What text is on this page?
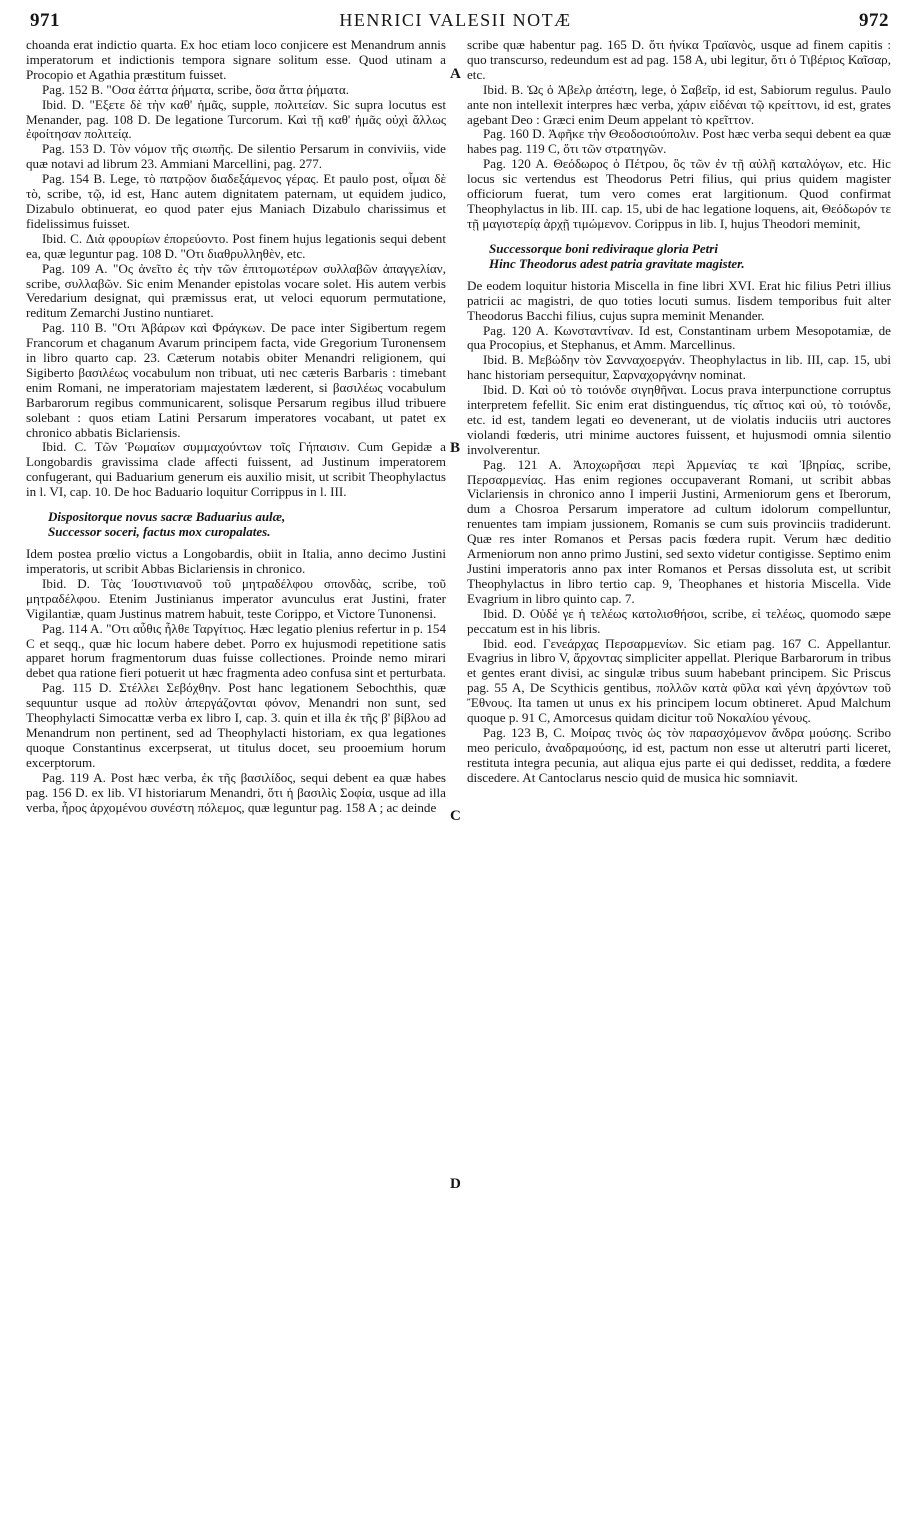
971	HENRICI VALESII NOTÆ	972

choanda erat indictio quarta. Ex hoc etiam loco conjicere est Menandrum annis imperatorum et indictionis tempora signare solitum esse. Quod utinam a Procopio et Agathia præstitum fuisset.

Pag. 152 B. "Οσα ἐάττα ῥήματα, scribe, ὅσα ἄττα ῥήματα.

Ibid. D. "Εξετε δὲ τὴν καθ' ἡμᾶς, supple, πολιτείαν. Sic supra locutus est Menander, pag. 108 D. De legatione Turcorum. Καὶ τῇ καθ' ἡμᾶς οὐχὶ ἄλλως ἐφοίτησαν πολιτείᾳ.

Pag. 153 D. Τὸν νόμον τῆς σιωπῆς. De silentio Persarum in conviviis, vide quæ notavi ad librum 23. Ammiani Marcellini, pag. 277.

Pag. 154 B. Lege, τὸ πατρῷον διαδεξάμενος γέρας. Et paulo post, οἶμαι δὲ τὸ, scribe, τῷ, id est, Hanc autem dignitatem paternam, ut equidem judico, Dizabulo obtinuerat, eo quod pater ejus Maniach Dizabulo charissimus et fidelissimus fuisset.

Ibid. C. Διὰ φρουρίων ἐπορεύοντο. Post finem hujus legationis sequi debent ea, quæ leguntur pag. 108 D. "Οτι διαθρυλληθὲν, etc.

Pag. 109 A. "Ος ἀνεῖτο ἐς τὴν τῶν ἐπιτομωτέρων συλλαβῶν ἀπαγγελίαν, scribe, συλλαβῶν. Sic enim Menander epistolas vocare solet. His autem verbis Veredarium designat, qui præmissus erat, ut veloci equorum permutatione, reditum Zemarchi Justino nuntiaret.

Pag. 110 B. "Οτι Ἀβάρων καὶ Φράγκων. De pace inter Sigibertum regem Francorum et chaganum Avarum principem facta, vide Gregorium Turonensem in libro quarto cap. 23. Cæterum notabis obiter Menandri religionem, qui Sigiberto βασιλέως vocabulum non tribuat, uti nec cæteris Barbaris : timebant enim Romani, ne imperatoriam majestatem læderent, si βασιλέως vocabulum Barbarorum regibus communicarent, solisque Persarum regibus illud tribuere solebant : quos etiam Latini Persarum imperatores vocabant, ut patet ex chronico abbatis Biclariensis.

Ibid. C. Τῶν Ῥωμαίων συμμαχούντων τοῖς Γήπαισιν. Cum Gepidæ a Longobardis gravissima clade affecti fuissent, ad Justinum imperatorem confugerant, qui Baduarium generum eis auxilio misit, ut scribit Theophylactus in l. VI, cap. 10. De hoc Baduario loquitur Corrippus in l. III.

Dispositorque novus sacræ Baduarius aulæ,
Successor soceri, factus mox curopalates.

Idem postea prœlio victus a Longobardis, obiit in Italia, anno decimo Justini imperatoris, ut scribit Abbas Biclariensis in chronico.

Ibid. D. Τὰς Ἰουστινιανοῦ τοῦ μητραδέλφου σπονδὰς, scribe, τοῦ μητραδέλφου. Etenim Justinianus imperator avunculus erat Justini, frater Vigilantiæ, quam Justinus matrem habuit, teste Corippo, et Victore Tunonensi.

Pag. 114 A. "Οτι αὖθις ἦλθε Ταργίτιος. Hæc legatio plenius refertur in p. 154 C et seqq., quæ hic locum habere debet. Porro ex hujusmodi repetitione satis apparet horum fragmentorum duas fuisse collectiones. Proinde nemo mirari debet qua ratione fieri potuerit ut hæc fragmenta adeo confusa sint et perturbata.

Pag. 115 D. Στέλλει Σεβόχθην. Post hanc legationem Sebochthis, quæ sequuntur usque ad πολὺν ἀπεργάζονται φόνον, Menandri non sunt, sed Theophylacti Simocattæ verba ex libro I, cap. 3. quin et illa ἐκ τῆς β' βίβλου ad Menandrum non pertinent, sed ad Theophylacti historiam, ex qua legationes quoque Constantinus excerpserat, ut titulus docet, seu prooemium horum excerptorum.

Pag. 119 A. Post hæc verba, ἐκ τῆς βασιλίδος, sequi debent ea quæ habes pag. 156 D. ex lib. VI historiarum Menandri, ὅτι ἡ βασιλὶς Σοφία, usque ad illa verba, ἦρος ἀρχομένου συνέστη πόλεμος, quæ leguntur pag. 158 A ; ac deinde

scribe quæ habentur pag. 165 D. ὅτι ἡνίκα Τραϊανὸς, usque ad finem capitis : quo transcurso, redeundum est ad pag. 158 A, ubi legitur, ὅτι ὁ Τιβέριος Καῖσαρ, etc.

Ibid. B. Ὡς ὁ Ἀβελρ ἀπέστη, lege, ὁ Σαβεῖρ, id est, Sabiorum regulus. Paulo ante non intellexit interpres hæc verba, χάριν εἰδέναι τῷ κρείττονι, id est, grates agebant Deo : Græci enim Deum appelant τὸ κρεῖττον.

Pag. 160 D. Ἀφῆκε τὴν Θεοδοσιούπολιν. Post hæc verba sequi debent ea quæ habes pag. 119 C, ὅτι τῶν στρατηγῶν.

Pag. 120 A. Θεόδωρος ὁ Πέτρου, ὃς τῶν ἐν τῇ αὐλῇ καταλόγων, etc. Hic locus sic vertendus est Theodorus Petri filius, qui prius quidem magister officiorum fuerat, tum vero comes erat largitionum. Quod confirmat Theophylactus in lib. III. cap. 15, ubi de hac legatione loquens, ait, Θεόδωρόν τε τῇ μαγιστερίᾳ ἀρχῇ τιμώμενον. Corippus in lib. I, hujus Theodori meminit,

Successorque boni rediviraque gloria Petri
Hinc Theodorus adest patria gravitate magister.

De eodem loquitur historia Miscella in fine libri XVI. Erat hic filius Petri illius patricii ac magistri, de quo toties locuti sumus. Iisdem temporibus fuit alter Theodorus Bacchi filius, cujus supra meminit Menander.

Pag. 120 A. Κωνσταντίναν. Id est, Constantinam urbem Mesopotamiæ, de qua Procopius, et Stephanus, et Amm. Marcellinus.

Ibid. B. Μεβώδην τὸν Σανναχοεργάν. Theophylactus in lib. III, cap. 15, ubi hanc historiam persequitur, Σαρναχοργάνην nominat.

Ibid. D. Καὶ οὐ τὸ τοιόνδε σιγηθῆναι. Locus prava interpunctione corruptus interpretem fefellit. Sic enim erat distinguendus, τίς αἴτιος καὶ οὐ, τὸ τοιόνδε, etc. id est, tandem legati eo devenerant, ut de violatis induciis utri auctores violandi fœderis, utri minime auctores fuissent, et hujusmodi omnia silentio involverentur.

Pag. 121 A. Ἀποχωρῆσαι περὶ Ἀρμενίας τε καὶ Ἰβηρίας, scribe, Περσαρμενίας. Has enim regiones occupaverant Romani, ut scribit abbas Viclariensis in chronico anno I imperii Justini, Armeniorum gens et Iberorum, dum a Chosroa Persarum imperatore ad cultum idolorum compelluntur, renuentes tam impiam jussionem, Romanis se cum suis provinciis tradiderunt. Quæ res inter Romanos et Persas pacis fœdera rupit. Verum hæc deditio Armeniorum non anno primo Justini, sed sexto videtur contigisse. Septimo enim Justini imperatoris anno pax inter Romanos et Persas dissoluta est, ut scribit Theophylactus in libro tertio cap. 9, Theophanes et historia Miscella. Vide Evagrium in libro quinto cap. 7.

Ibid. D. Οὐδέ γε ἡ τελέως κατολισθήσοι, scribe, εἰ τελέως, quomodo sæpe peccatum est in his libris.

Ibid. eod. Γενεάρχας Περσαρμενίων. Sic etiam pag. 167 C. Appellantur. Evagrius in libro V, ἄρχοντας simpliciter appellat. Plerique Barbarorum in tribus et gentes erant divisi, ac singulæ tribus suum habebant principem. Sic Priscus pag. 55 A, De Scythicis gentibus, πολλῶν κατὰ φῦλα καὶ γένη ἀρχόντων τοῦ Ἔθνους. Ita tamen ut unus ex his principem locum obtineret. Apud Malchum quoque p. 91 C, Amorcesus quidam dicitur τοῦ Νοκαλίου γένους.

Pag. 123 B, C. Μοίρας τινὸς ὡς τὸν παρασχόμενον ἄνδρα μούσης. Scribo meo periculo, ἀναδραμούσης, id est, pactum non esse ut alterutri parti liceret, restituta integra pecunia, aut aliqua ejus parte ei qui dedisset, reddita, a fœdere discedere. At Cantoclarus nescio quid de musica hic somniavit.

A
B
C
D
